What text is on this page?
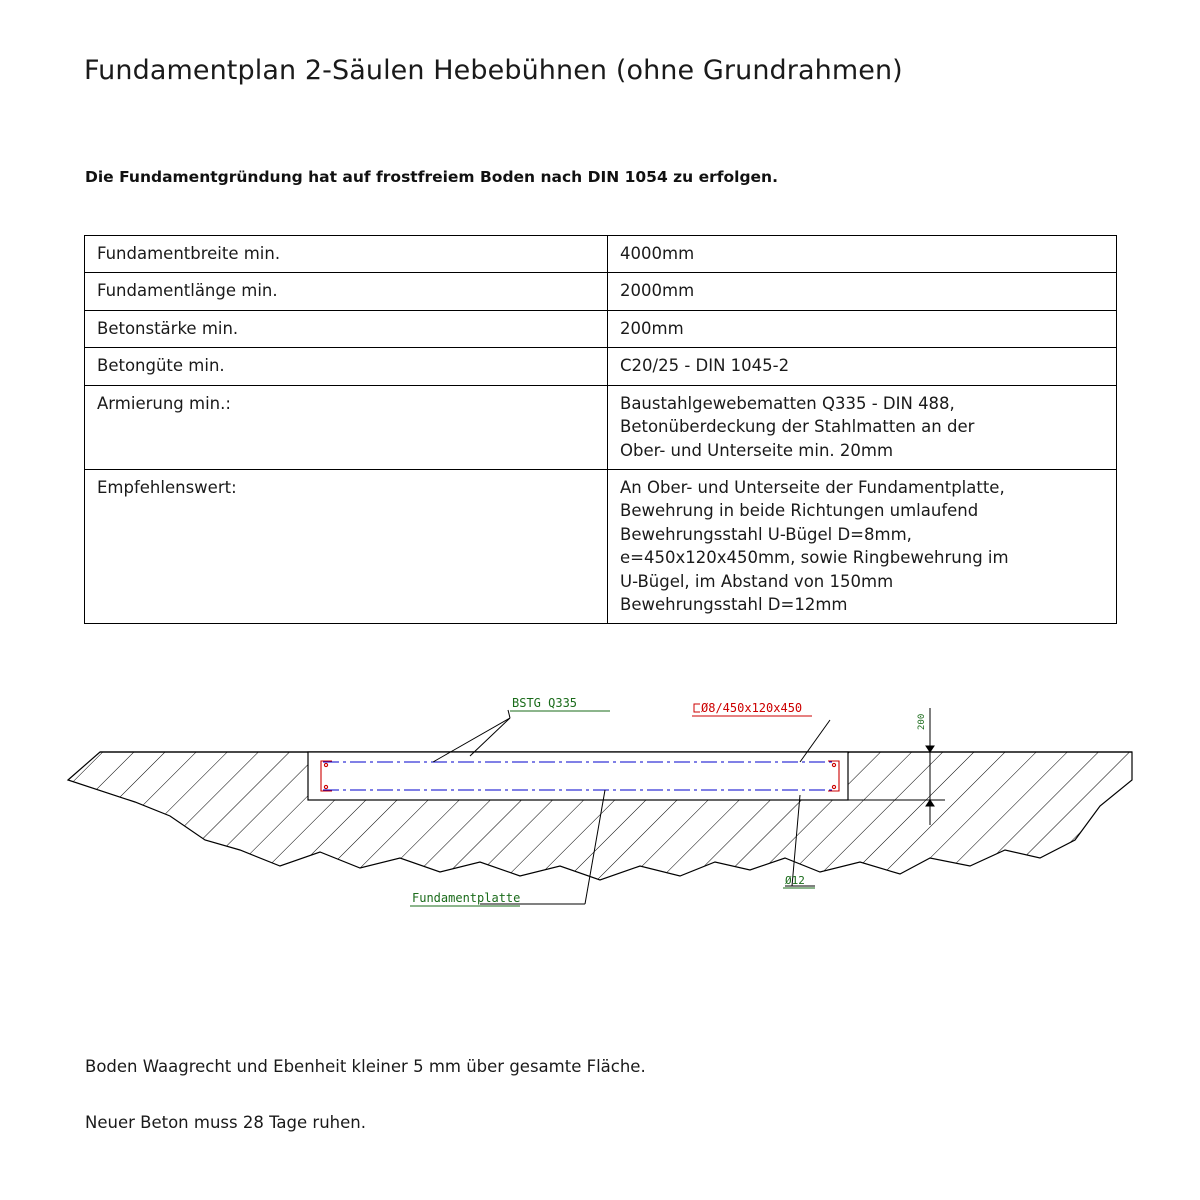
Fundamentplan 2-Säulen Hebebühnen (ohne Grundrahmen)
Die Fundamentgründung hat auf frostfreiem Boden nach DIN 1054 zu erfolgen.
Fundamentbreite min.	4000mm

Fundamentlänge min.	2000mm

Betonstärke min.	200mm

Betongüte min.	C20/25 - DIN 1045-2

Armierung min.:	Baustahlgewebematten Q335 - DIN 488,
Betonüberdeckung der Stahlmatten an der
Ober- und Unterseite min. 20mm

Empfehlenswert:	An Ober- und Unterseite der Fundamentplatte,
Bewehrung in beide Richtungen umlaufend
Bewehrungsstahl U-Bügel D=8mm,
e=450x120x450mm, sowie Ringbewehrung im
U-Bügel, im Abstand von 150mm
Bewehrungsstahl D=12mm
200
BSTG Q335	Ø8/450x120x450
Fundamentplatte
Ø12
Boden Waagrecht und Ebenheit kleiner 5 mm über gesamte Fläche.
Neuer Beton muss 28 Tage ruhen.
